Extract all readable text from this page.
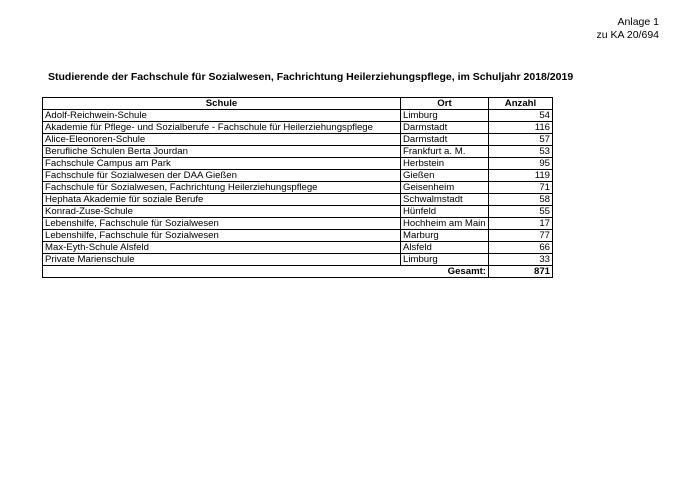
Anlage 1
zu KA 20/694
Studierende der Fachschule für Sozialwesen, Fachrichtung Heilerziehungspflege, im Schuljahr 2018/2019
Schule	Ort	Anzahl
Adolf-Reichwein-Schule	Limburg	54
Akademie für Pflege- und Sozialberufe - Fachschule für Heilerziehungspflege	Darmstadt	116
Alice-Eleonoren-Schule	Darmstadt	57
Berufliche Schulen Berta Jourdan	Frankfurt a. M.	53
Fachschule Campus am Park	Herbstein	95
Fachschule für Sozialwesen der DAA Gießen	Gießen	119
Fachschule für Sozialwesen, Fachrichtung Heilerziehungspflege	Geisenheim	71
Hephata Akademie für soziale Berufe	Schwalmstadt	58
Konrad-Zuse-Schule	Hünfeld	55
Lebenshilfe, Fachschule für Sozialwesen	Hochheim am Main	17
Lebenshilfe, Fachschule für Sozialwesen	Marburg	77
Max-Eyth-Schule Alsfeld	Alsfeld	66
Private Marienschule	Limburg	33
	Gesamt:	871
